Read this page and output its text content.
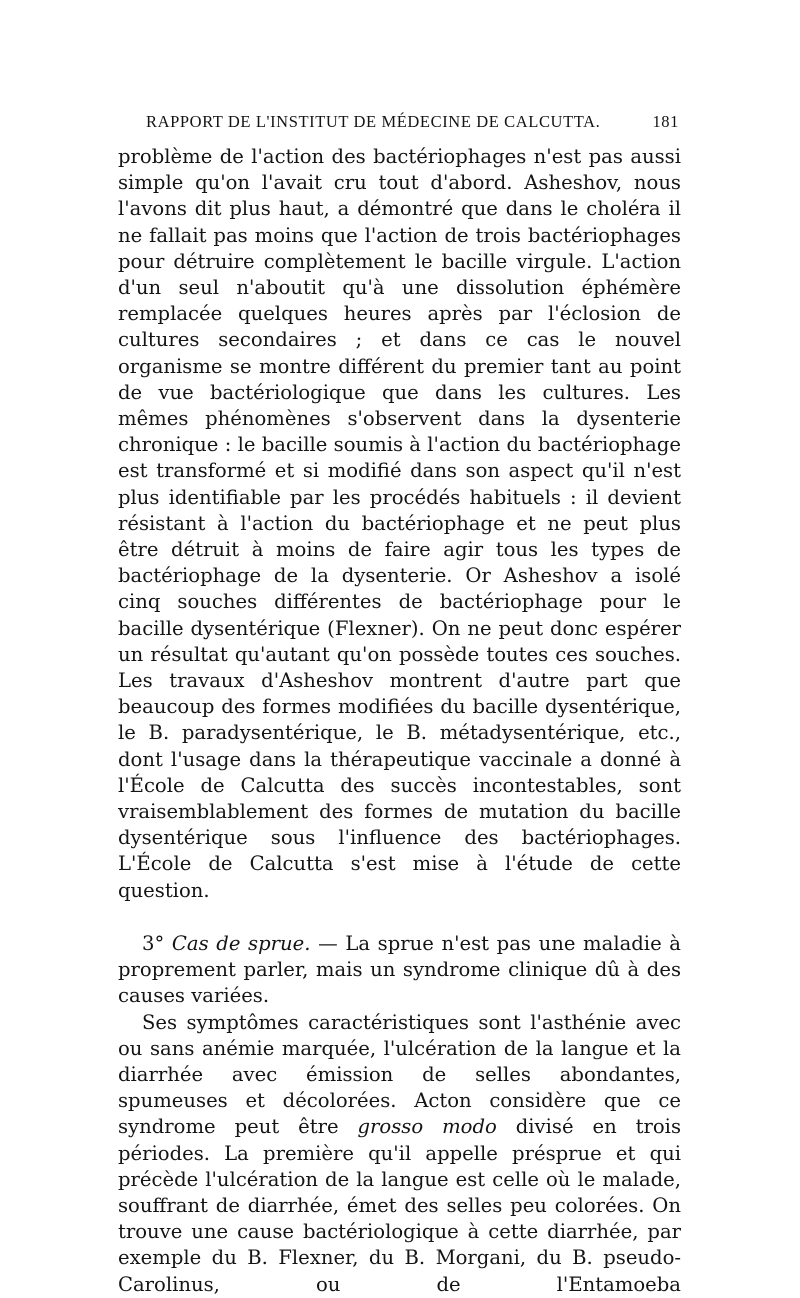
RAPPORT DE L'INSTITUT DE MÉDECINE DE CALCUTTA.	181

problème de l'action des bactériophages n'est pas aussi simple qu'on l'avait cru tout d'abord. Asheshov, nous l'avons dit plus haut, a démontré que dans le choléra il ne fallait pas moins que l'action de trois bactériophages pour détruire complètement le bacille virgule. L'action d'un seul n'aboutit qu'à une dissolution éphémère remplacée quelques heures après par l'éclosion de cultures secondaires ; et dans ce cas le nouvel organisme se montre différent du premier tant au point de vue bactériologique que dans les cultures. Les mêmes phénomènes s'observent dans la dysenterie chronique : le bacille soumis à l'action du bactériophage est transformé et si modifié dans son aspect qu'il n'est plus identifiable par les procédés habituels : il devient résistant à l'action du bactériophage et ne peut plus être détruit à moins de faire agir tous les types de bactériophage de la dysenterie. Or Asheshov a isolé cinq souches différentes de bactériophage pour le bacille dysentérique (Flexner). On ne peut donc espérer un résultat qu'autant qu'on possède toutes ces souches. Les travaux d'Asheshov montrent d'autre part que beaucoup des formes modifiées du bacille dysentérique, le B. paradysentérique, le B. métadysentérique, etc., dont l'usage dans la thérapeutique vaccinale a donné à l'École de Calcutta des succès incontestables, sont vraisemblablement des formes de mutation du bacille dysentérique sous l'influence des bactériophages. L'École de Calcutta s'est mise à l'étude de cette question.

3° Cas de sprue. — La sprue n'est pas une maladie à proprement parler, mais un syndrome clinique dû à des causes variées.

Ses symptômes caractéristiques sont l'asthénie avec ou sans anémie marquée, l'ulcération de la langue et la diarrhée avec émission de selles abondantes, spumeuses et décolorées. Acton considère que ce syndrome peut être grosso modo divisé en trois périodes. La première qu'il appelle présprue et qui précède l'ulcération de la langue est celle où le malade, souffrant de diarrhée, émet des selles peu colorées. On trouve une cause bactériologique à cette diarrhée, par exemple du B. Flexner, du B. Morgani, du B. pseudo-Carolinus, ou de l'Entamoeba
